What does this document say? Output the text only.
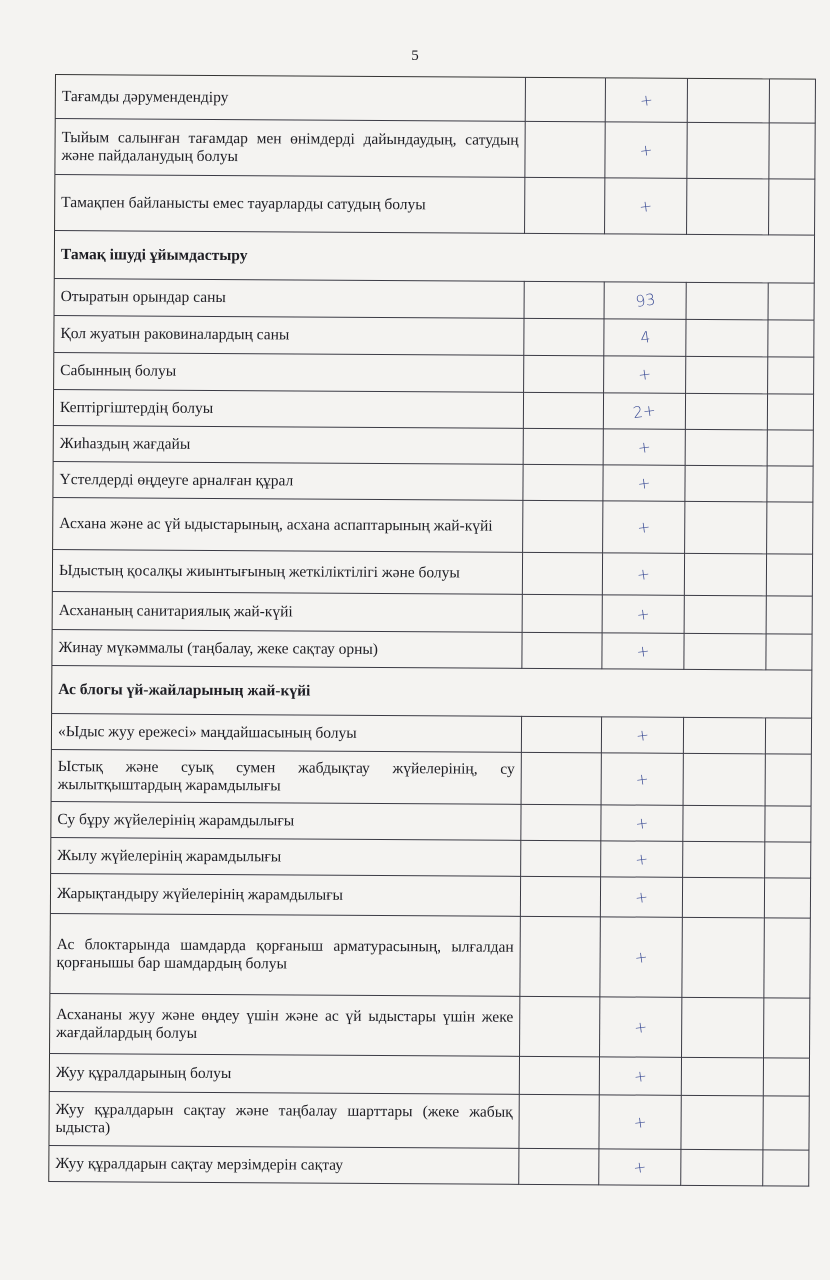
5
Тағамды дәрумендендіру		+		
Тыйым салынған тағамдар мен өнімдерді дайындаудың, сатудың және пайдаланудың болуы		+		
Тамақпен байланысты емес тауарларды сатудың болуы		+		
Тамақ ішуді ұйымдастыру				
Отыратын орындар саны		93		
Қол жуатын раковиналардың саны		4		
Сабынның болуы		+		
Кептіргіштердің болуы		2+		
Жиһаздың жағдайы		+		
Үстелдерді өңдеуге арналған құрал		+		
Асхана және ас үй ыдыстарының, асхана аспаптарының жай-күйі		+		
Ыдыстың қосалқы жиынтығының жеткіліктілігі және болуы		+		
Асхананың санитариялық жай-күйі		+		
Жинау мүкәммалы (таңбалау, жеке сақтау орны)		+		
Ас блогы үй-жайларының жай-күйі				
«Ыдыс жуу ережесі» маңдайшасының болуы		+		
Ыстық және суық сумен жабдықтау жүйелерінің, су жылытқыштардың жарамдылығы		+		
Су бұру жүйелерінің жарамдылығы		+		
Жылу жүйелерінің жарамдылығы		+		
Жарықтандыру жүйелерінің жарамдылығы		+		
Ас блоктарында шамдарда қорғаныш арматурасының, ылғалдан қорғанышы бар шамдардың болуы		+		
Асхананы жуу және өңдеу үшін және ас үй ыдыстары үшін жеке жағдайлардың болуы		+		
Жуу құралдарының болуы		+		
Жуу құралдарын сақтау және таңбалау шарттары (жеке жабық ыдыста)		+		
Жуу құралдарын сақтау мерзімдерін сақтау		+		
